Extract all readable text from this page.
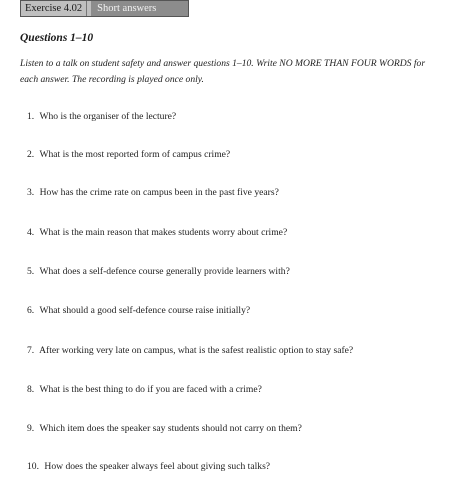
Exercise 4.02	Short answers
Questions 1–10
Listen to a talk on student safety and answer questions 1–10. Write NO MORE THAN FOUR WORDS for each answer. The recording is played once only.
1. Who is the organiser of the lecture?
2. What is the most reported form of campus crime?
3. How has the crime rate on campus been in the past five years?
4. What is the main reason that makes students worry about crime?
5. What does a self-defence course generally provide learners with?
6. What should a good self-defence course raise initially?
7. After working very late on campus, what is the safest realistic option to stay safe?
8. What is the best thing to do if you are faced with a crime?
9. Which item does the speaker say students should not carry on them?
10. How does the speaker always feel about giving such talks?
